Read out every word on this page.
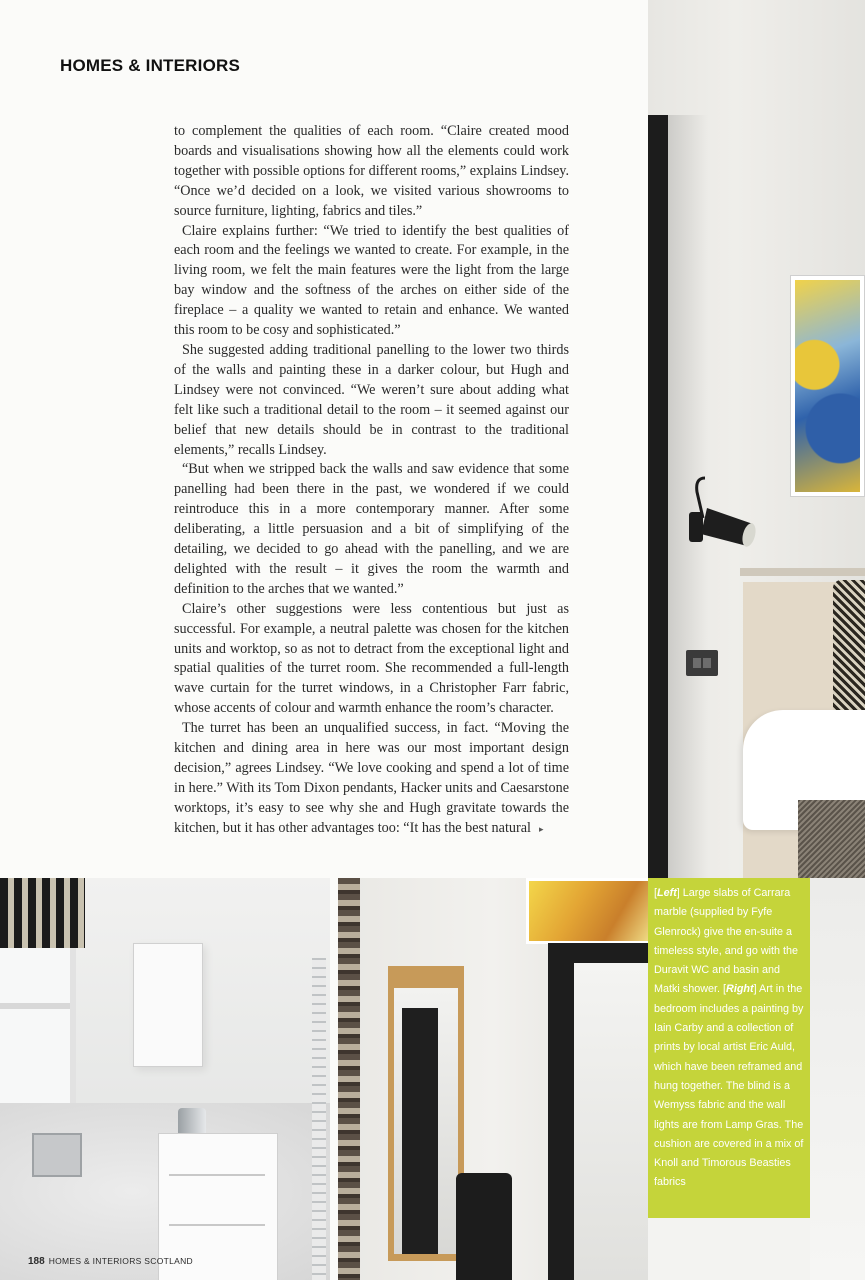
HOMES & INTERIORS

to complement the qualities of each room. “Claire created mood boards and visualisations showing how all the elements could work together with possible options for different rooms,” explains Lindsey. “Once we’d decided on a look, we visited various showrooms to source furniture, lighting, fabrics and tiles.”

Claire explains further: “We tried to identify the best qualities of each room and the feelings we wanted to create. For example, in the living room, we felt the main features were the light from the large bay window and the softness of the arches on either side of the fireplace – a quality we wanted to retain and enhance. We wanted this room to be cosy and sophisticated.”

She suggested adding traditional panelling to the lower two thirds of the walls and painting these in a darker colour, but Hugh and Lindsey were not convinced. “We weren’t sure about adding what felt like such a traditional detail to the room – it seemed against our belief that new details should be in contrast to the traditional elements,” recalls Lindsey.

“But when we stripped back the walls and saw evidence that some panelling had been there in the past, we wondered if we could reintroduce this in a more contemporary manner. After some deliberating, a little persuasion and a bit of simplifying of the detailing, we decided to go ahead with the panelling, and we are delighted with the result – it gives the room the warmth and definition to the arches that we wanted.”

Claire’s other suggestions were less contentious but just as successful. For example, a neutral palette was chosen for the kitchen units and worktop, so as not to detract from the exceptional light and spatial qualities of the turret room. She recommended a full-length wave curtain for the turret windows, in a Christopher Farr fabric, whose accents of colour and warmth enhance the room’s character.

The turret has been an unqualified success, in fact. “Moving the kitchen and dining area in here was our most important design decision,” agrees Lindsey. “We love cooking and spend a lot of time in here.” With its Tom Dixon pendants, Hacker units and Caesarstone worktops, it’s easy to see why she and Hugh gravitate towards the kitchen, but it has other advantages too: “It has the best natural ▸

[Left] Large slabs of Carrara marble (supplied by Fyfe Glenrock) give the en-suite a timeless style, and go with the Duravit WC and basin and Matki shower. [Right] Art in the bedroom includes a painting by Iain Carby and a collection of prints by local artist Eric Auld, which have been reframed and hung together. The blind is a Wemyss fabric and the wall lights are from Lamp Gras. The cushion are covered in a mix of Knoll and Timorous Beasties fabrics
188 HOMES & INTERIORS SCOTLAND
